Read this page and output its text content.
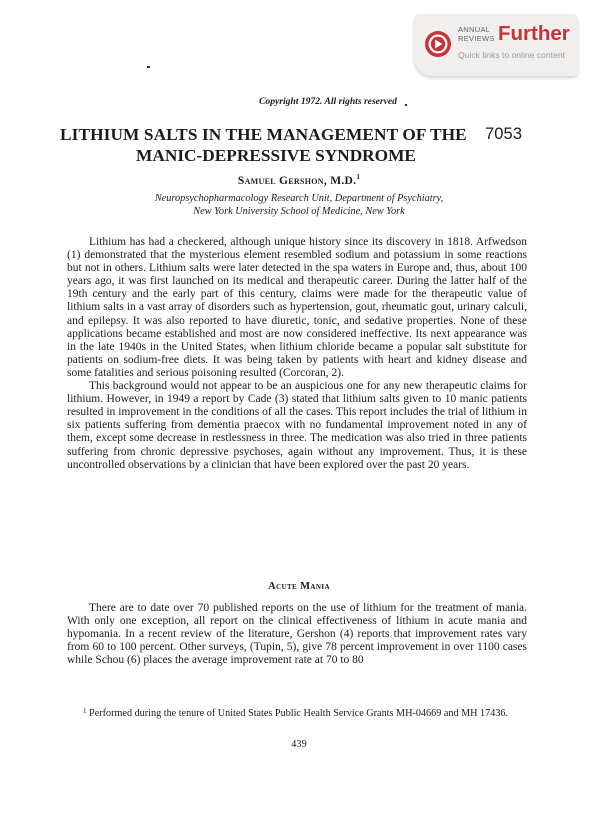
ANNUAL
REVIEWS Further
Quick links to online content
Copyright 1972. All rights reserved
LITHIUM SALTS IN THE MANAGEMENT OF THE 7053
MANIC-DEPRESSIVE SYNDROME
Samuel Gershon, M.D.$^1$
Neuropsychopharmacology Research Unit, Department of Psychiatry,
New York University School of Medicine, New York

Lithium has had a checkered, although unique history since its discovery in 1818. Arfwedson (1) demonstrated that the mysterious element resembled sodium and potassium in some reactions but not in others. Lithium salts were later detected in the spa waters in Europe and, thus, about 100 years ago, it was first launched on its medical and therapeutic career. During the latter half of the 19th century and the early part of this century, claims were made for the therapeutic value of lithium salts in a vast array of disorders such as hypertension, gout, rheumatic gout, urinary calculi, and epilepsy. It was also reported to have diuretic, tonic, and sedative properties. None of these applications became established and most are now considered ineffective. Its next appearance was in the late 1940s in the United States, when lithium chloride became a popular salt substitute for patients on sodium-free diets. It was being taken by patients with heart and kidney disease and some fatalities and serious poisoning resulted (Corcoran, 2).

This background would not appear to be an auspicious one for any new therapeutic claims for lithium. However, in 1949 a report by Cade (3) stated that lithium salts given to 10 manic patients resulted in improvement in the conditions of all the cases. This report includes the trial of lithium in six patients suffering from dementia praecox with no fundamental improvement noted in any of them, except some decrease in restlessness in three. The medication was also tried in three patients suffering from chronic depressive psychoses, again without any improvement. Thus, it is these uncontrolled observations by a clinician that have been explored over the past 20 years.

Acute Mania

There are to date over 70 published reports on the use of lithium for the treatment of mania. With only one exception, all report on the clinical effectiveness of lithium in acute mania and hypomania. In a recent review of the literature, Gershon (4) reports that improvement rates vary from 60 to 100 percent. Other surveys, (Tupin, 5), give 78 percent improvement in over 1100 cases while Schou (6) places the average improvement rate at 70 to 80

$^1$ Performed during the tenure of United States Public Health Service Grants MH-04669 and MH 17436.
439
